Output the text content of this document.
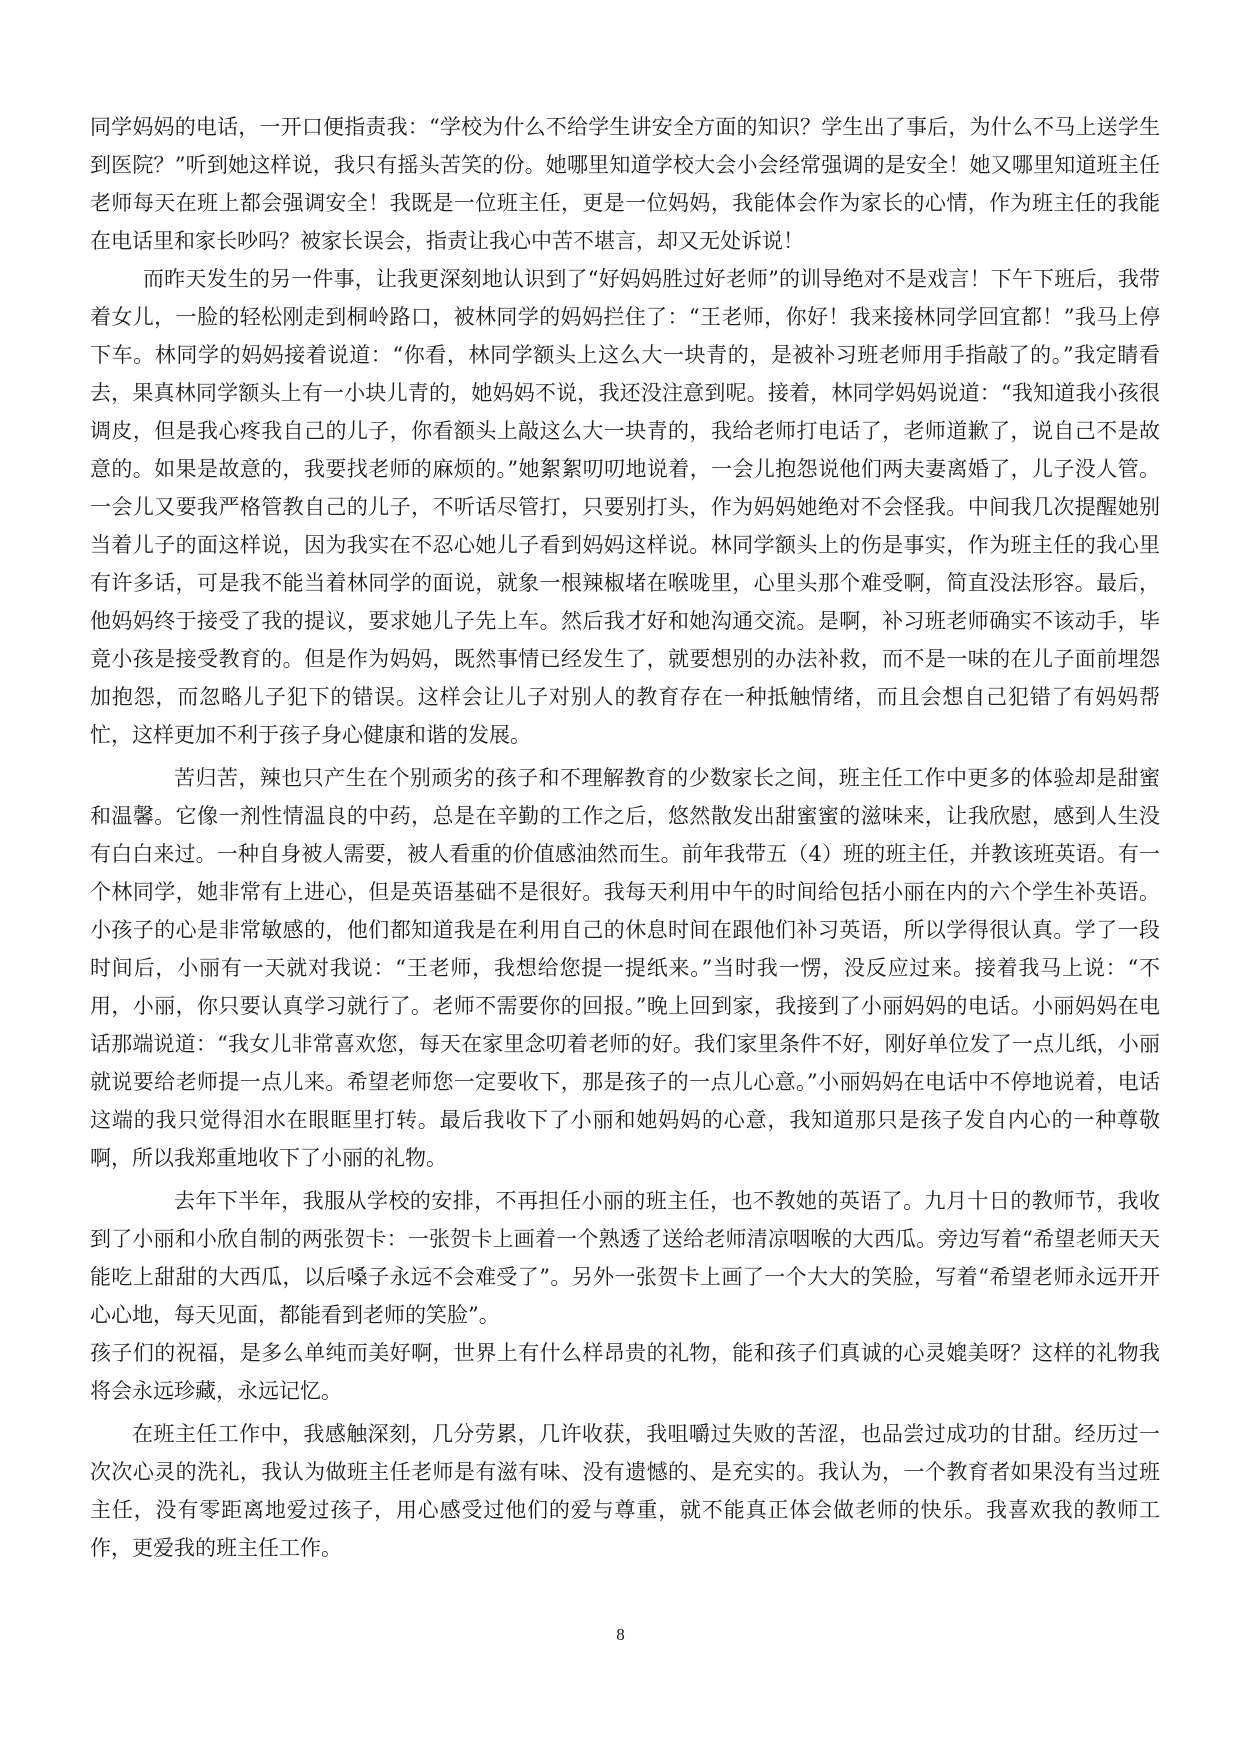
同学妈妈的电话，一开口便指责我：“学校为什么不给学生讲安全方面的知识？学生出了事后，为什么不马上送学生到医院？”听到她这样说，我只有摇头苦笑的份。她哪里知道学校大会小会经常强调的是安全！她又哪里知道班主任老师每天在班上都会强调安全！我既是一位班主任，更是一位妈妈，我能体会作为家长的心情，作为班主任的我能在电话里和家长吵吗？被家长误会，指责让我心中苦不堪言，却又无处诉说！

而昨天发生的另一件事，让我更深刻地认识到了“好妈妈胜过好老师”的训导绝对不是戏言！下午下班后，我带着女儿，一脸的轻松刚走到桐岭路口，被林同学的妈妈拦住了：“王老师，你好！我来接林同学回宜都！”我马上停下车。林同学的妈妈接着说道：“你看，林同学额头上这么大一块青的，是被补习班老师用手指敲了的。”我定睛看去，果真林同学额头上有一小块儿青的，她妈妈不说，我还没注意到呢。接着，林同学妈妈说道：“我知道我小孩很调皮，但是我心疼我自己的儿子，你看额头上敲这么大一块青的，我给老师打电话了，老师道歉了，说自己不是故意的。如果是故意的，我要找老师的麻烦的。”她絮絮叨叨地说着，一会儿抱怨说他们两夫妻离婚了，儿子没人管。一会儿又要我严格管教自己的儿子，不听话尽管打，只要别打头，作为妈妈她绝对不会怪我。中间我几次提醒她别当着儿子的面这样说，因为我实在不忍心她儿子看到妈妈这样说。林同学额头上的伤是事实，作为班主任的我心里有许多话，可是我不能当着林同学的面说，就象一根辣椒堵在喉咙里，心里头那个难受啊，简直没法形容。最后，他妈妈终于接受了我的提议，要求她儿子先上车。然后我才好和她沟通交流。是啊，补习班老师确实不该动手，毕竟小孩是接受教育的。但是作为妈妈，既然事情已经发生了，就要想别的办法补救，而不是一味的在儿子面前埋怨加抱怨，而忽略儿子犯下的错误。这样会让儿子对别人的教育存在一种抵触情绪，而且会想自己犯错了有妈妈帮忙，这样更加不利于孩子身心健康和谐的发展。

苦归苦，辣也只产生在个别顽劣的孩子和不理解教育的少数家长之间，班主任工作中更多的体验却是甜蜜和温馨。它像一剂性情温良的中药，总是在辛勤的工作之后，悠然散发出甜蜜蜜的滋味来，让我欣慰，感到人生没有白白来过。一种自身被人需要，被人看重的价值感油然而生。前年我带五（4）班的班主任，并教该班英语。有一个林同学，她非常有上进心，但是英语基础不是很好。我每天利用中午的时间给包括小丽在内的六个学生补英语。小孩子的心是非常敏感的，他们都知道我是在利用自己的休息时间在跟他们补习英语，所以学得很认真。学了一段时间后，小丽有一天就对我说：“王老师，我想给您提一提纸来。”当时我一愣，没反应过来。接着我马上说：“不用，小丽，你只要认真学习就行了。老师不需要你的回报。”晚上回到家，我接到了小丽妈妈的电话。小丽妈妈在电话那端说道：“我女儿非常喜欢您，每天在家里念叨着老师的好。我们家里条件不好，刚好单位发了一点儿纸，小丽就说要给老师提一点儿来。希望老师您一定要收下，那是孩子的一点儿心意。”小丽妈妈在电话中不停地说着，电话这端的我只觉得泪水在眼眶里打转。最后我收下了小丽和她妈妈的心意，我知道那只是孩子发自内心的一种尊敬啊，所以我郑重地收下了小丽的礼物。

去年下半年，我服从学校的安排，不再担任小丽的班主任，也不教她的英语了。九月十日的教师节，我收到了小丽和小欣自制的两张贺卡：一张贺卡上画着一个熟透了送给老师清凉咽喉的大西瓜。旁边写着“希望老师天天能吃上甜甜的大西瓜，以后嗓子永远不会难受了”。另外一张贺卡上画了一个大大的笑脸，写着“希望老师永远开开心心地，每天见面，都能看到老师的笑脸”。

孩子们的祝福，是多么单纯而美好啊，世界上有什么样昂贵的礼物，能和孩子们真诚的心灵媲美呀？这样的礼物我将会永远珍藏，永远记忆。

在班主任工作中，我感触深刻，几分劳累，几许收获，我咀嚼过失败的苦涩，也品尝过成功的甘甜。经历过一次次心灵的洗礼，我认为做班主任老师是有滋有味、没有遗憾的、是充实的。我认为，一个教育者如果没有当过班主任，没有零距离地爱过孩子，用心感受过他们的爱与尊重，就不能真正体会做老师的快乐。我喜欢我的教师工作，更爱我的班主任工作。

8
